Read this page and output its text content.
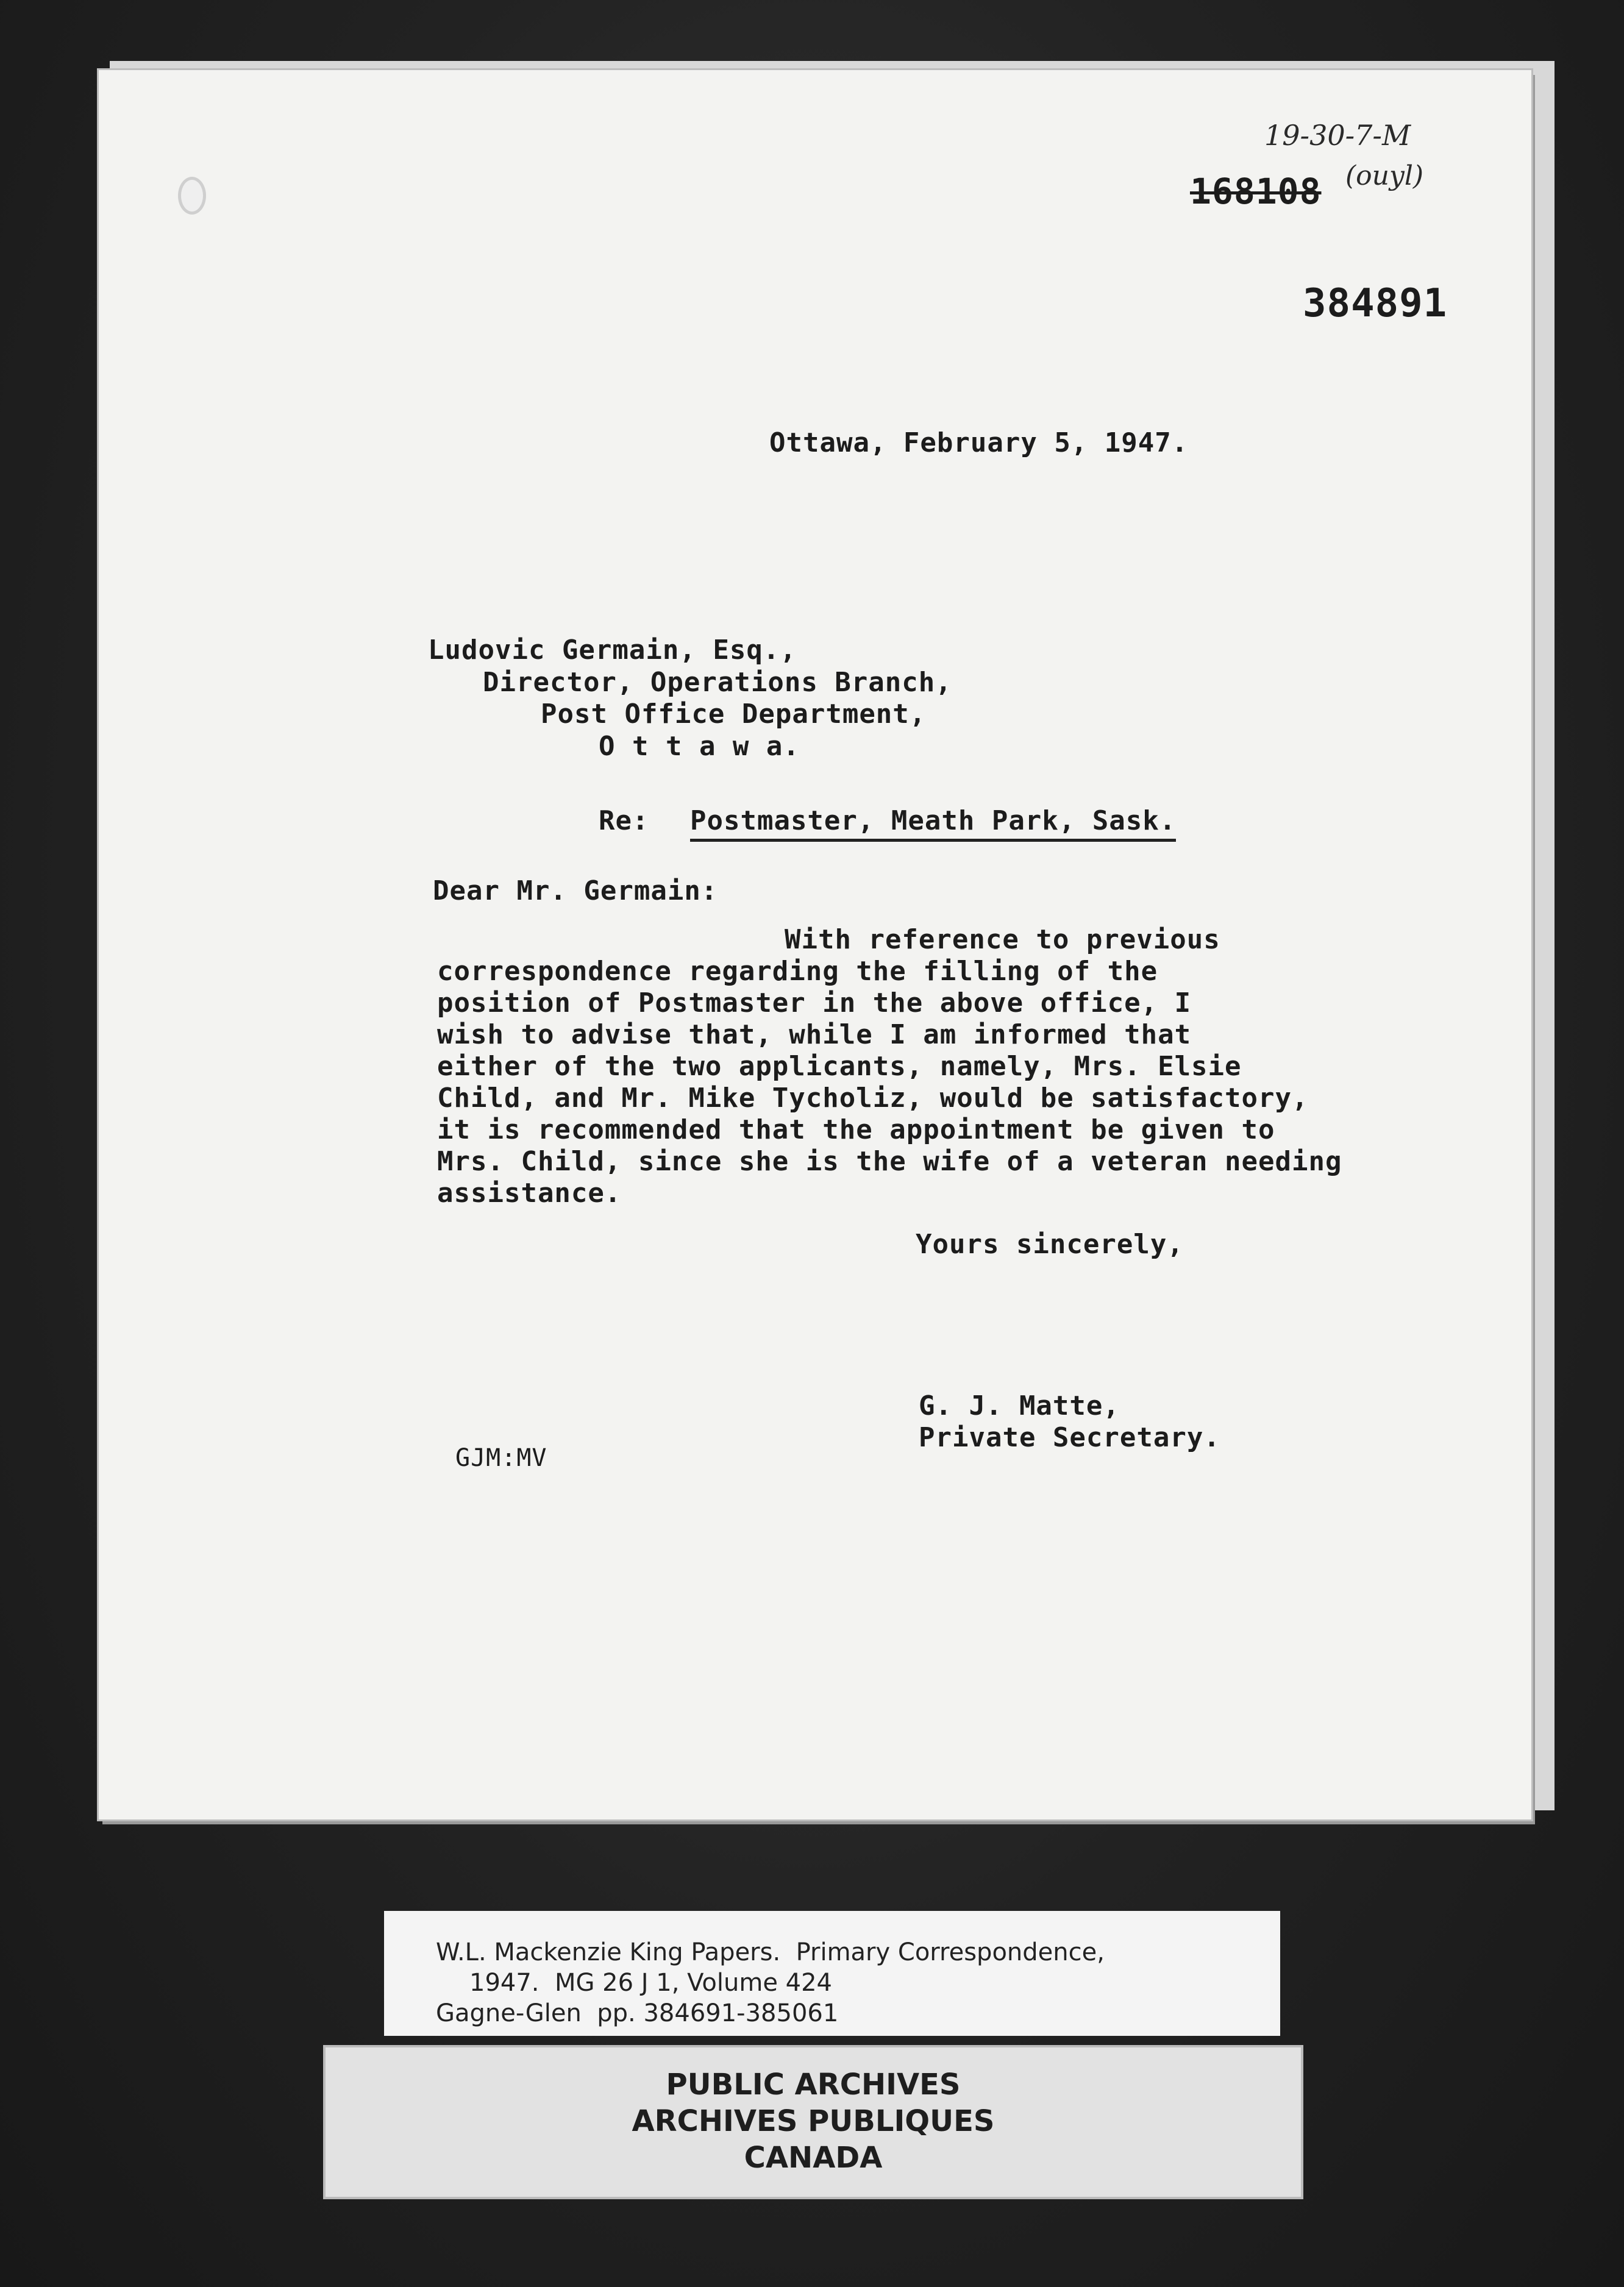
19-30-7-M
168108 (ouyl)
384891
Ottawa, February 5, 1947.
Ludovic Germain, Esq.,
Director, Operations Branch,
Post Office Department,
O t t a w a.
Re: Postmaster, Meath Park, Sask.
Dear Mr. Germain:
With reference to previous
correspondence regarding the filling of the
position of Postmaster in the above office, I
wish to advise that, while I am informed that
either of the two applicants, namely, Mrs. Elsie
Child, and Mr. Mike Tycholiz, would be satisfactory,
it is recommended that the appointment be given to
Mrs. Child, since she is the wife of a veteran needing
assistance.
Yours sincerely,
G. J. Matte,
Private Secretary.
GJM:MV
W.L. Mackenzie King Papers.  Primary Correspondence,
1947.  MG 26 J 1, Volume 424
Gagne-Glen  pp. 384691-385061
PUBLIC ARCHIVES
ARCHIVES PUBLIQUES
CANADA
